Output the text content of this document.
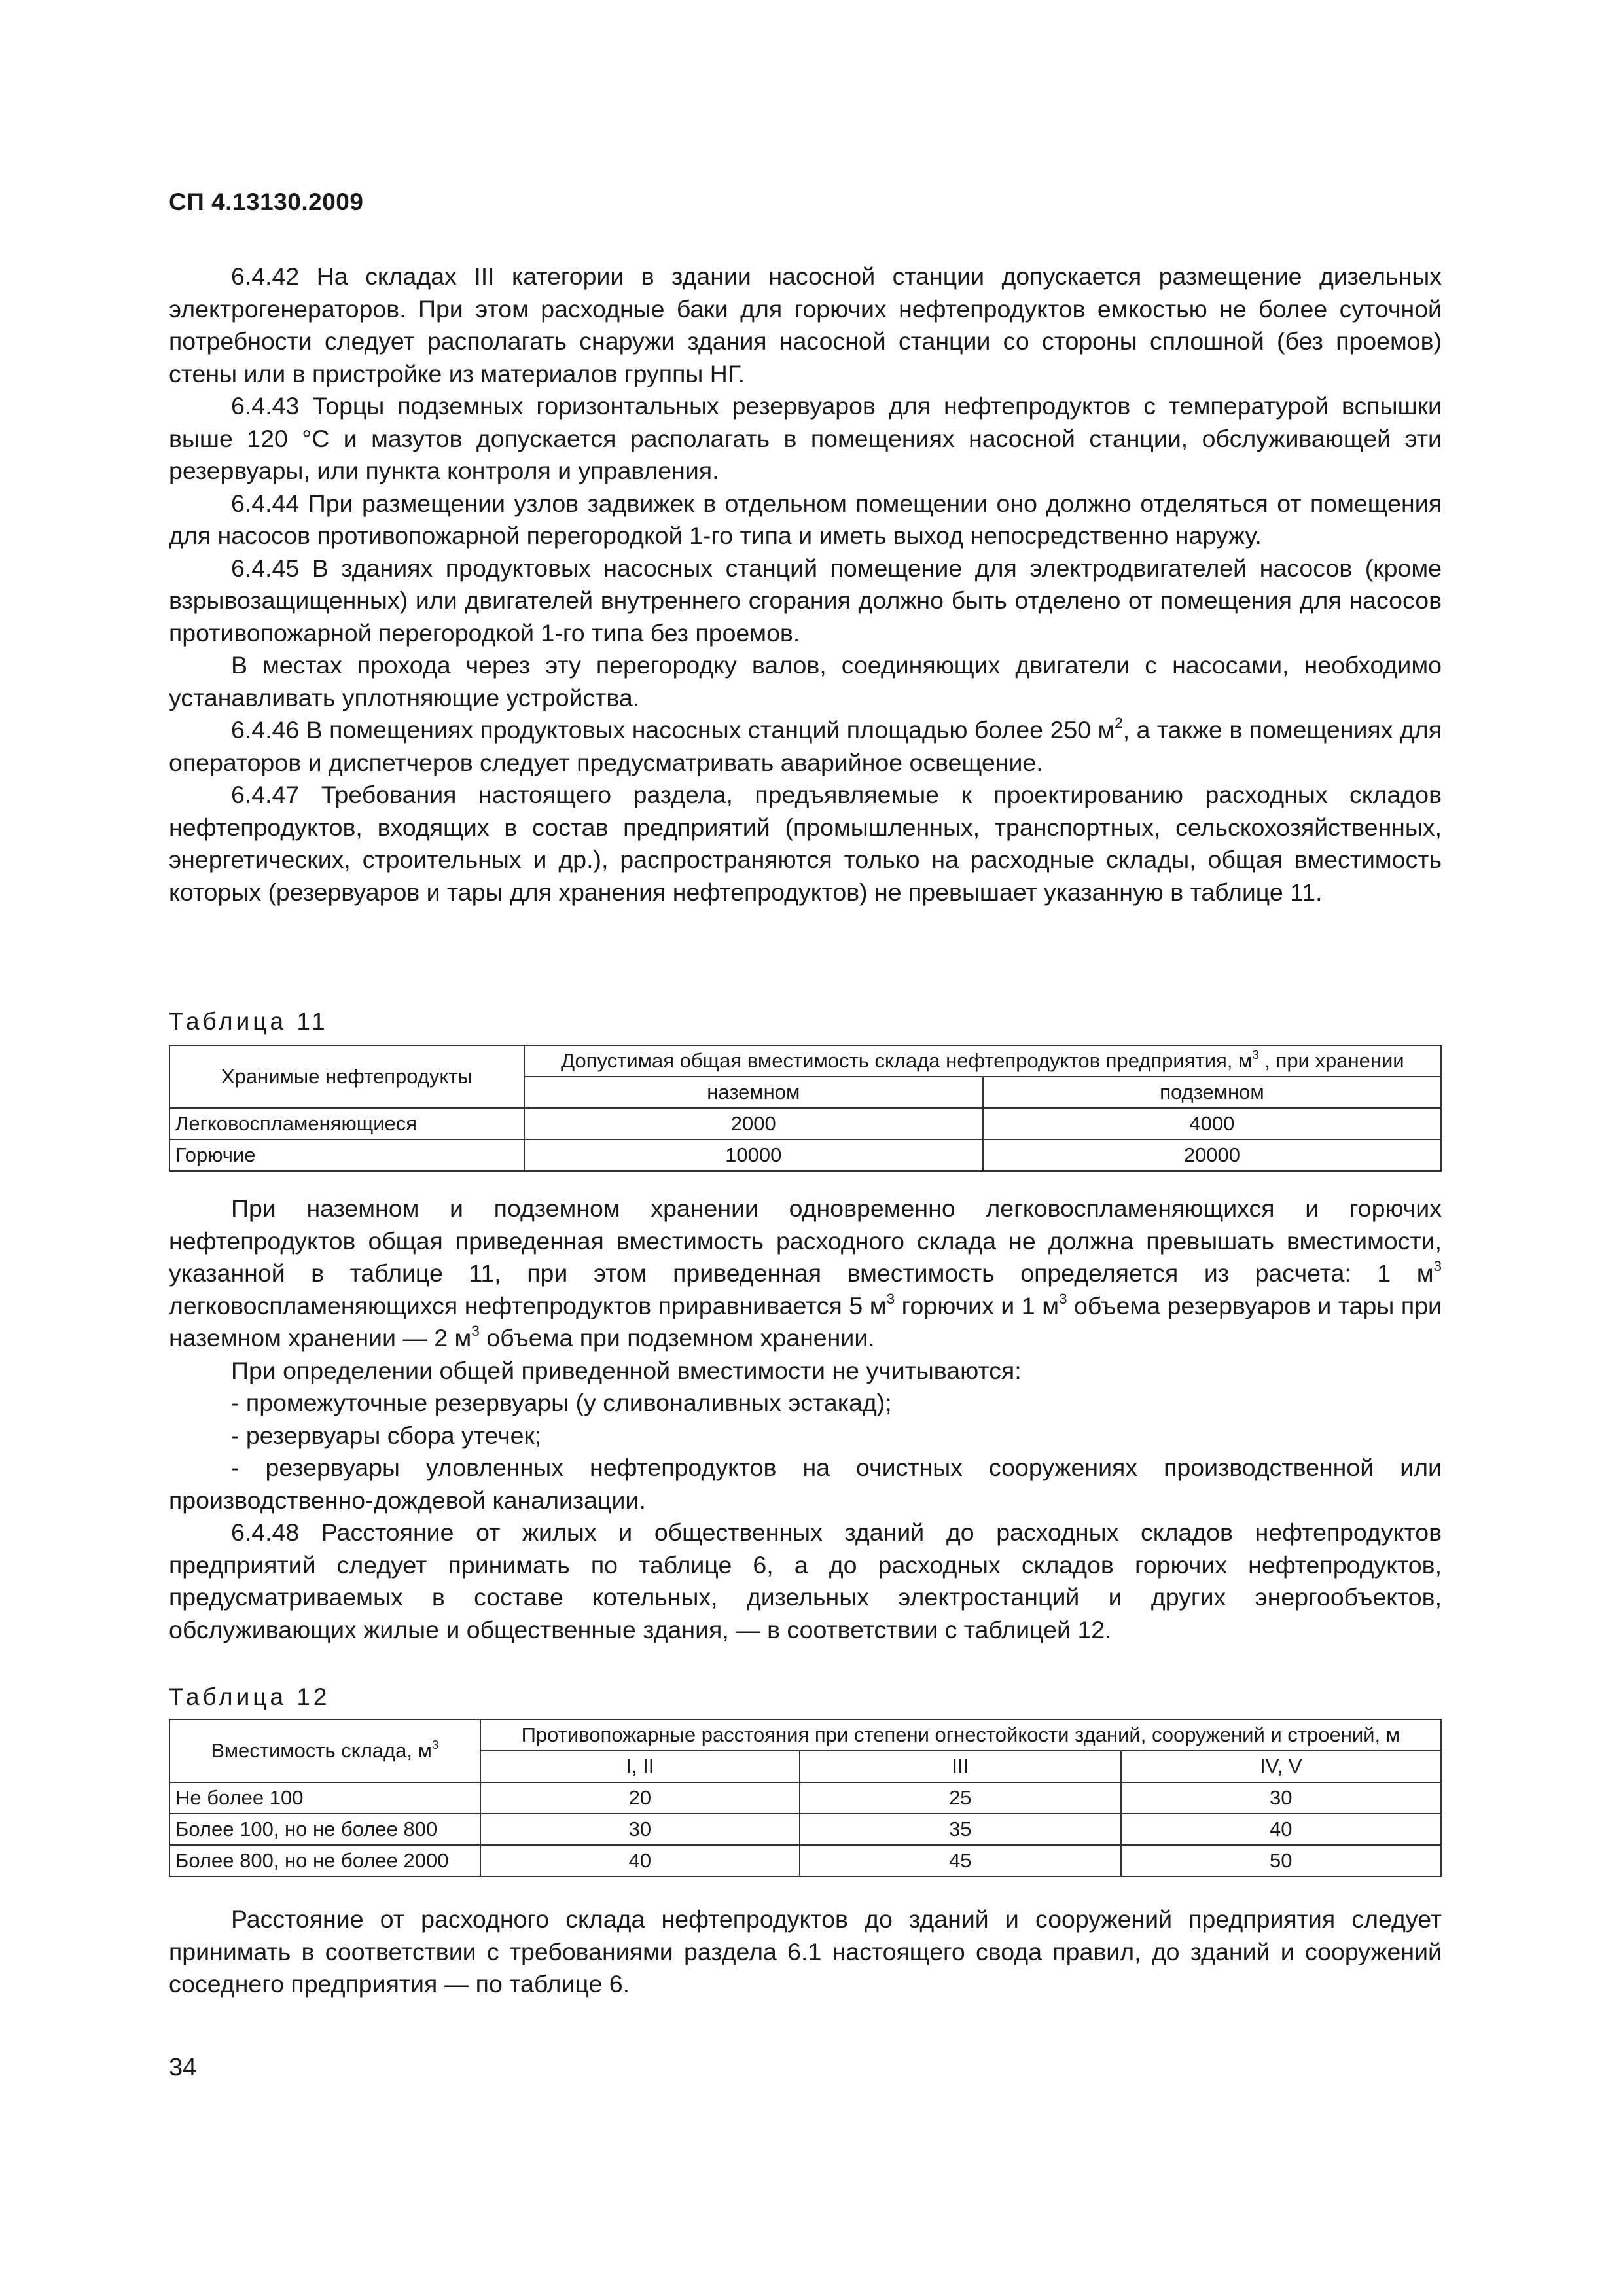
СП 4.13130.2009

6.4.42 На складах III категории в здании насосной станции допускается размещение дизельных электрогенераторов. При этом расходные баки для горючих нефтепродуктов емкостью не более суточной потребности следует располагать снаружи здания насосной станции со стороны сплошной (без проемов) стены или в пристройке из материалов группы НГ.

6.4.43 Торцы подземных горизонтальных резервуаров для нефтепродуктов с температурой вспышки выше 120 °С и мазутов допускается располагать в помещениях насосной станции, обслуживающей эти резервуары, или пункта контроля и управления.

6.4.44 При размещении узлов задвижек в отдельном помещении оно должно отделяться от помещения для насосов противопожарной перегородкой 1-го типа и иметь выход непосредственно наружу.

6.4.45 В зданиях продуктовых насосных станций помещение для электродвигателей насосов (кроме взрывозащищенных) или двигателей внутреннего сгорания должно быть отделено от помещения для насосов противопожарной перегородкой 1-го типа без проемов.

В местах прохода через эту перегородку валов, соединяющих двигатели с насосами, необходимо устанавливать уплотняющие устройства.

6.4.46 В помещениях продуктовых насосных станций площадью более 250 $м^2$, а также в помещениях для операторов и диспетчеров следует предусматривать аварийное освещение.

6.4.47 Требования настоящего раздела, предъявляемые к проектированию расходных складов нефтепродуктов, входящих в состав предприятий (промышленных, транспортных, сельскохозяйственных, энергетических, строительных и др.), распространяются только на расходные склады, общая вместимость которых (резервуаров и тары для хранения нефтепродуктов) не превышает указанную в таблице 11.

Таблица 11
Хранимые нефтепродукты	Допустимая общая вместимость склада нефтепродуктов предприятия, $м^3$ , при хранении	
	наземном	подземном
Легковоспламеняющиеся	2000	4000
Горючие	10000	20000

При наземном и подземном хранении одновременно легковоспламеняющихся и горючих нефтепродуктов общая приведенная вместимость расходного склада не должна превышать вместимости, указанной в таблице 11, при этом приведенная вместимость определяется из расчета: 1 $м^3$ легковоспламеняющихся нефтепродуктов приравнивается 5 $м^3$ горючих и 1 $м^3$ объема резервуаров и тары при наземном хранении — 2 $м^3$ объема при подземном хранении.

При определении общей приведенной вместимости не учитываются:

- промежуточные резервуары (у сливоналивных эстакад);

- резервуары сбора утечек;

- резервуары уловленных нефтепродуктов на очистных сооружениях производственной или производственно-дождевой канализации.

6.4.48 Расстояние от жилых и общественных зданий до расходных складов нефтепродуктов предприятий следует принимать по таблице 6, а до расходных складов горючих нефтепродуктов, предусматриваемых в составе котельных, дизельных электростанций и других энергообъектов, обслуживающих жилые и общественные здания, — в соответствии с таблицей 12.

Таблица 12
Вместимость склада, $м^3$	Противопожарные расстояния при степени огнестойкости зданий, сооружений и строений, м		
	I, II	III	IV, V
Не более 100	20	25	30
Более 100, но не более 800	30	35	40
Более 800, но не более 2000	40	45	50

Расстояние от расходного склада нефтепродуктов до зданий и сооружений предприятия следует принимать в соответствии с требованиями раздела 6.1 настоящего свода правил, до зданий и сооружений соседнего предприятия — по таблице 6.

34
